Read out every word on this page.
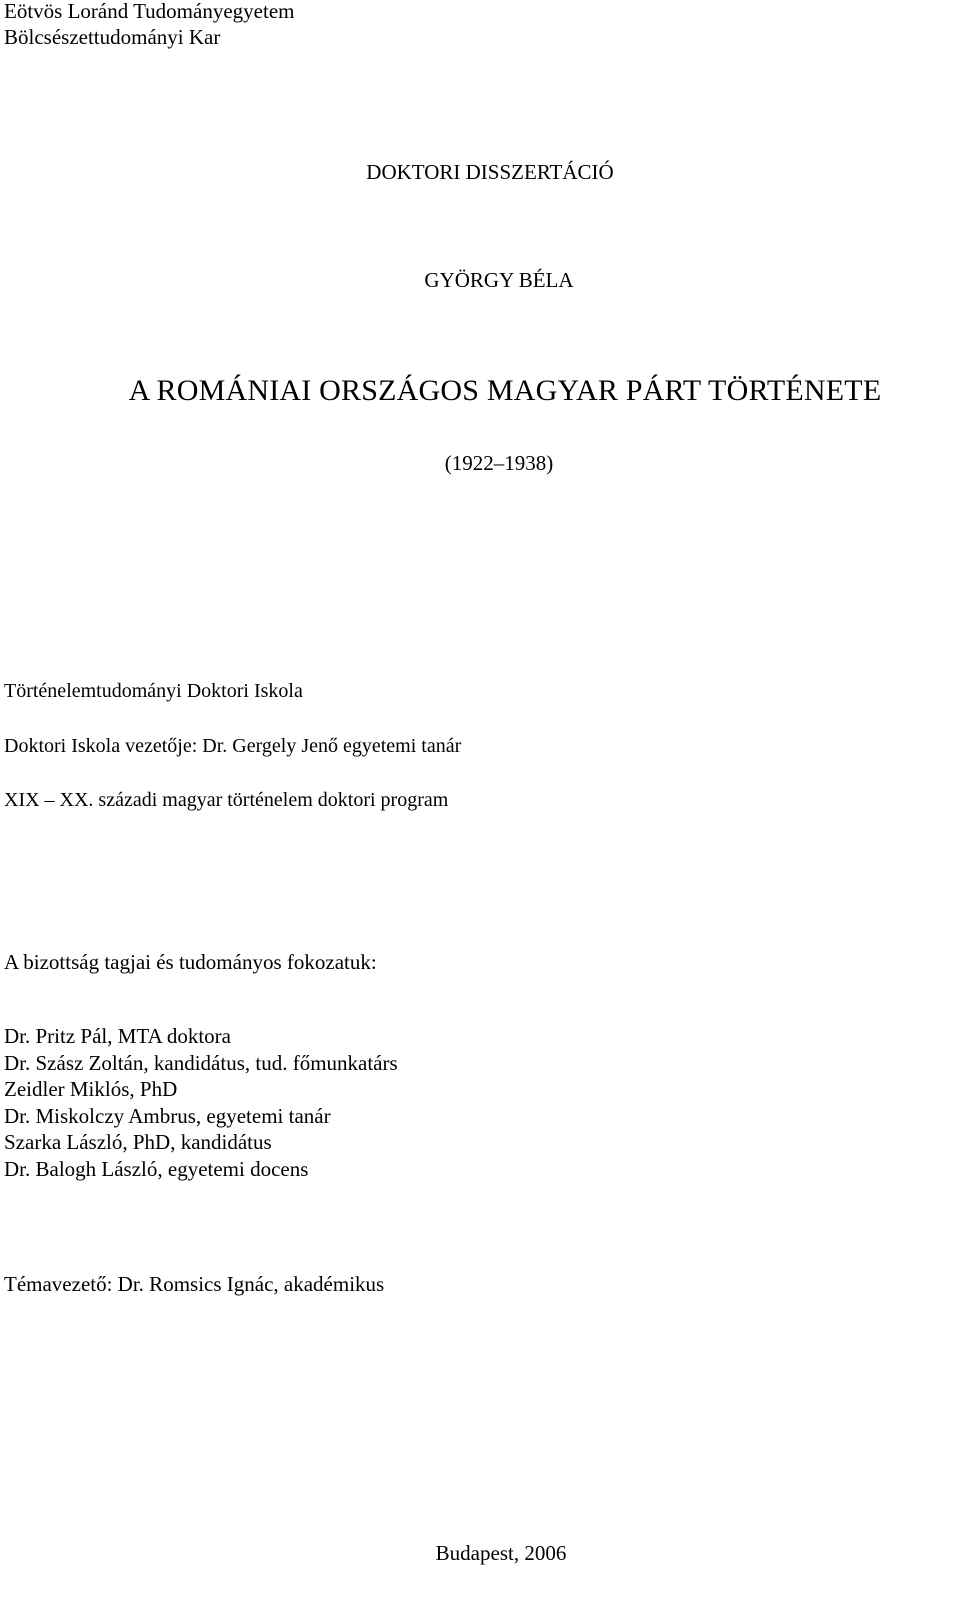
Eötvös Loránd Tudományegyetem
Bölcsészettudományi Kar
DOKTORI DISSZERTÁCIÓ
GYÖRGY BÉLA
A ROMÁNIAI ORSZÁGOS MAGYAR PÁRT TÖRTÉNETE
(1922–1938)
Történelemtudományi Doktori Iskola
Doktori Iskola vezetője: Dr. Gergely Jenő egyetemi tanár
XIX – XX. századi magyar történelem doktori program
A bizottság tagjai és tudományos fokozatuk:
Dr. Pritz Pál, MTA doktora
Dr. Szász Zoltán, kandidátus, tud. főmunkatárs
Zeidler Miklós, PhD
Dr. Miskolczy Ambrus, egyetemi tanár
Szarka László, PhD, kandidátus
Dr. Balogh László, egyetemi docens
Témavezető: Dr. Romsics Ignác, akadémikus
Budapest, 2006
